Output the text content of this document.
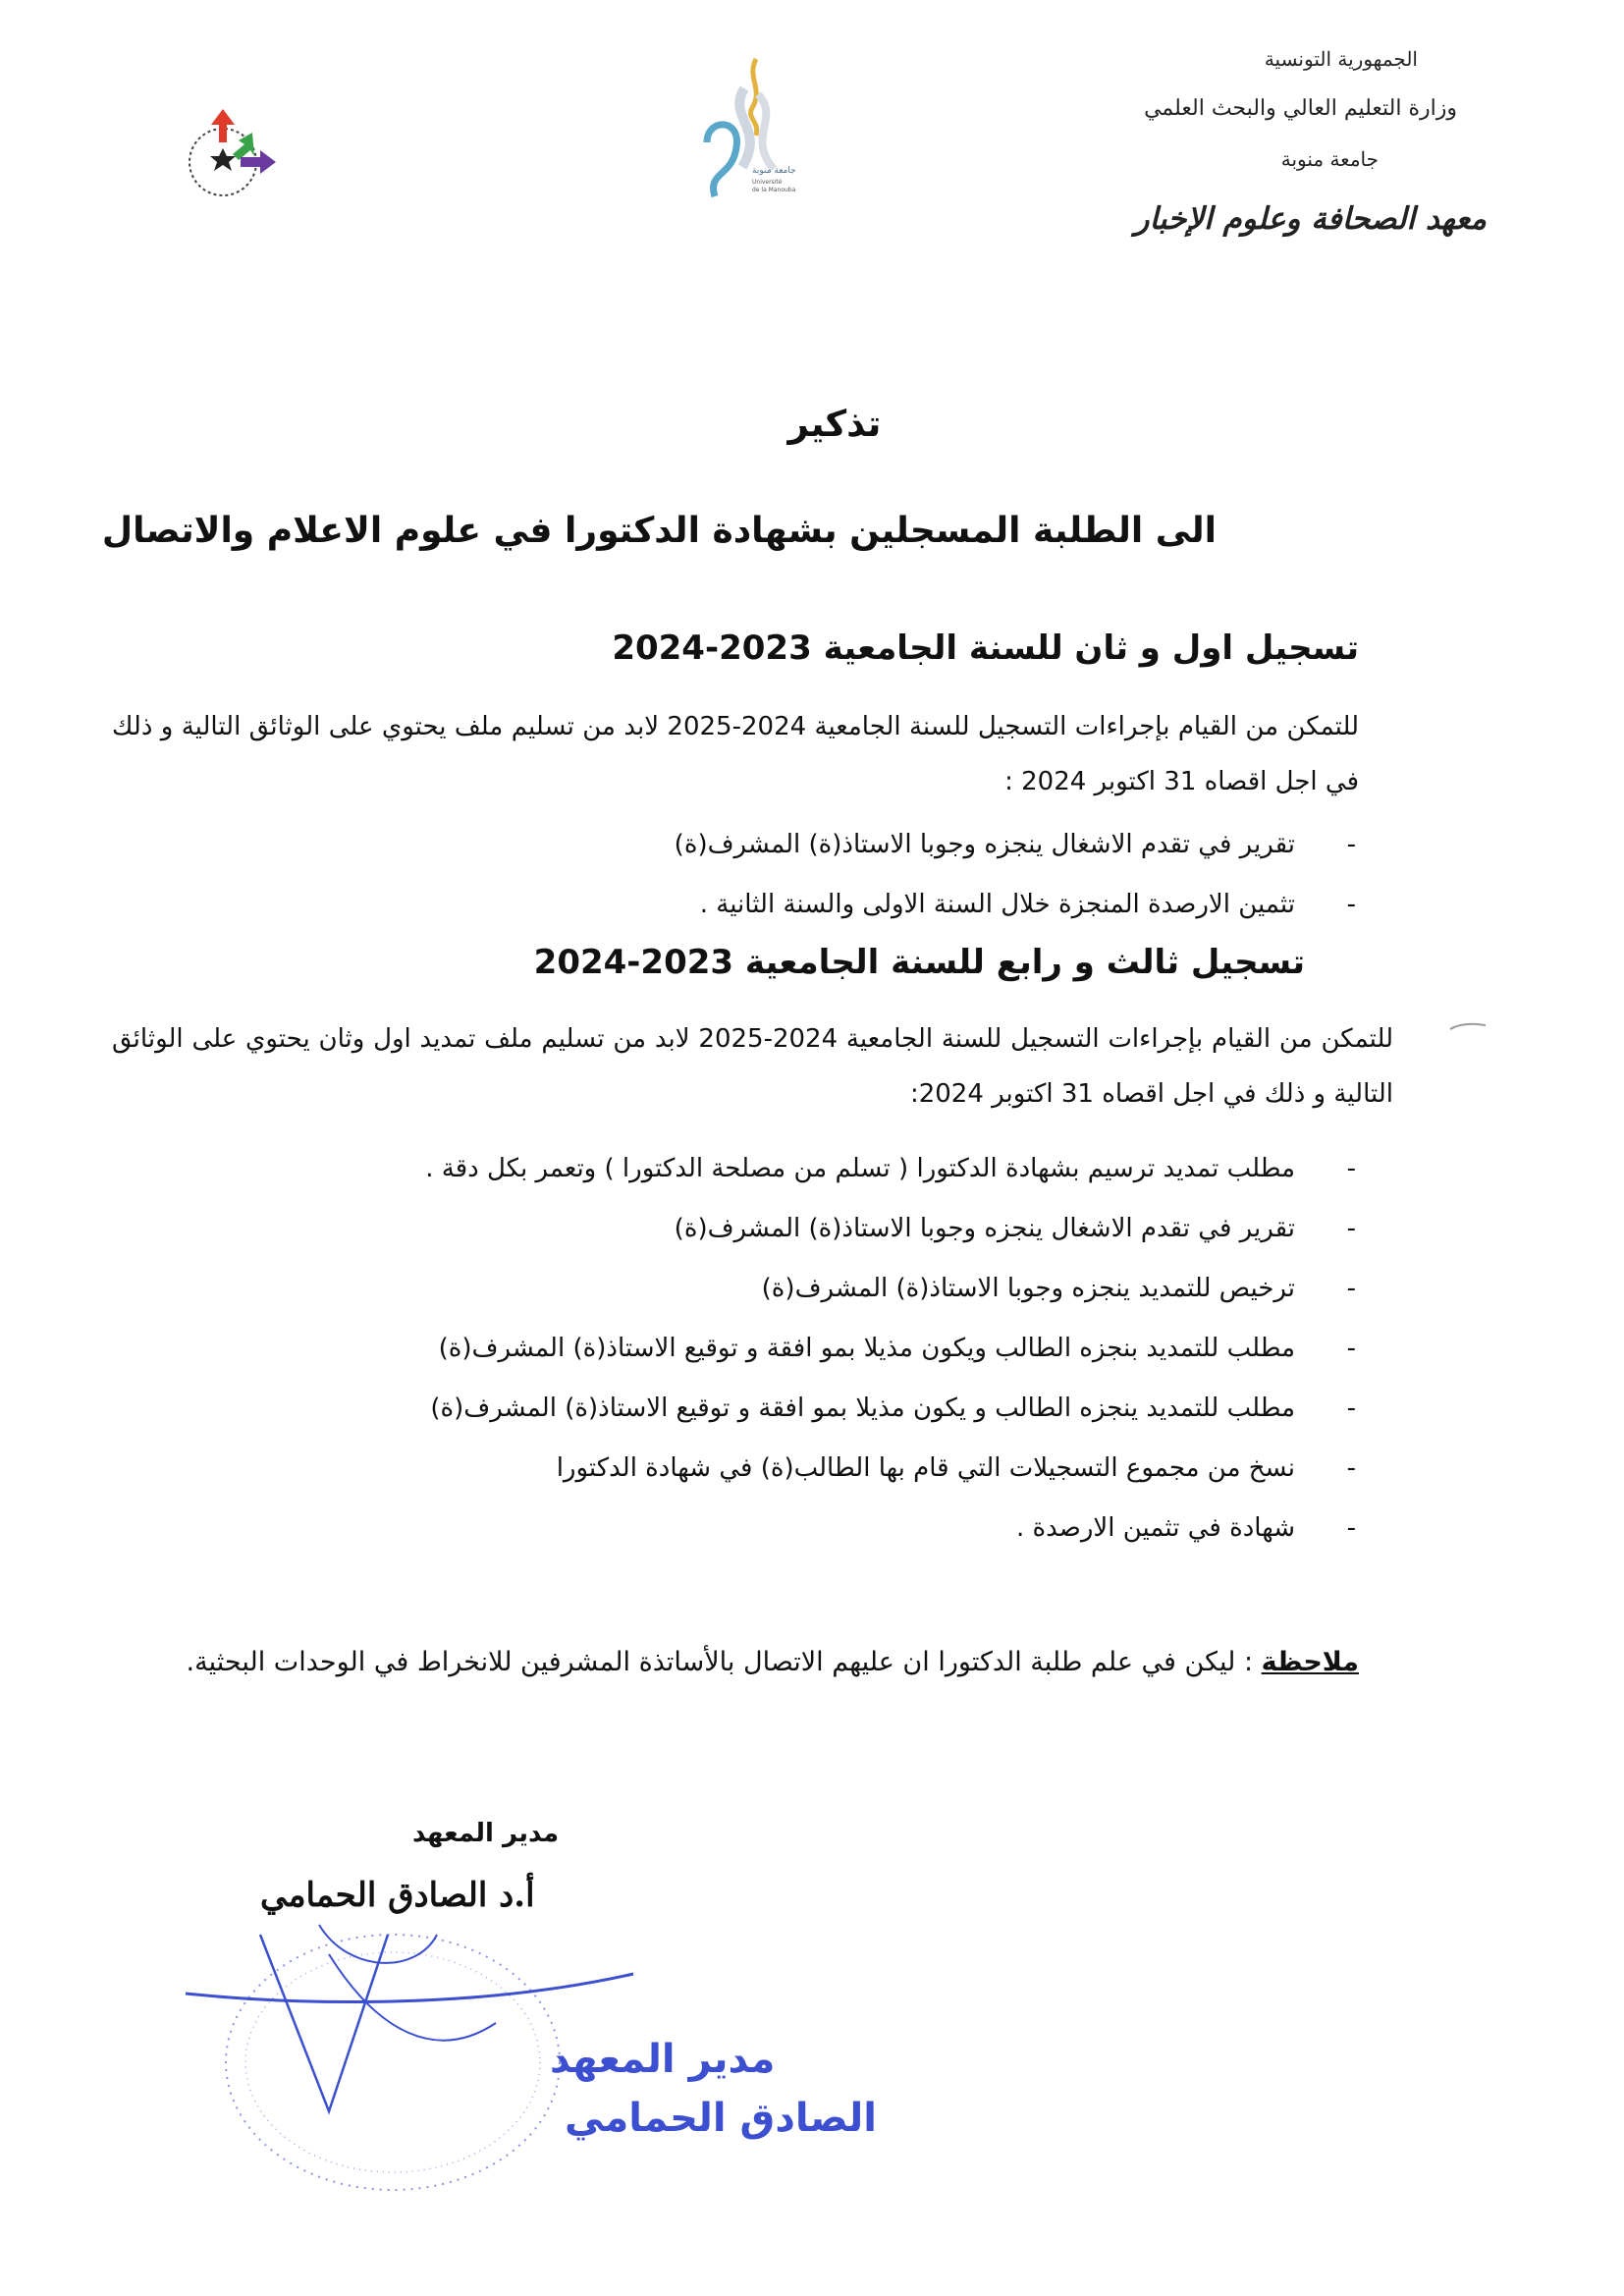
الجمهورية التونسية
وزارة التعليم العالي والبحث العلمي
جامعة منوبة
معهد الصحافة وعلوم الإخبار
جامعة منوبة
Université
de la Manouba
تذكير
الى الطلبة المسجلين بشهادة الدكتورا في علوم الاعلام والاتصال
تسجيل اول و ثان للسنة الجامعية 2023-2024
للتمكن من القيام بإجراءات التسجيل للسنة الجامعية 2024-2025 لابد من تسليم ملف يحتوي على الوثائق التالية و ذلك في اجل اقصاه 31 اكتوبر 2024 :
-
تقرير في تقدم الاشغال ينجزه وجوبا الاستاذ(ة) المشرف(ة)
-
تثمين الارصدة المنجزة خلال السنة الاولى والسنة الثانية .
تسجيل ثالث و رابع للسنة الجامعية 2023-2024
للتمكن من القيام بإجراءات التسجيل للسنة الجامعية 2024-2025 لابد من تسليم ملف تمديد اول وثان يحتوي على الوثائق التالية و ذلك في اجل اقصاه 31 اكتوبر 2024:
-
مطلب تمديد ترسيم بشهادة الدكتورا ( تسلم من مصلحة الدكتورا ) وتعمر بكل دقة .
-
تقرير في تقدم الاشغال ينجزه وجوبا الاستاذ(ة) المشرف(ة)
-
ترخيص للتمديد ينجزه وجوبا الاستاذ(ة) المشرف(ة)
-
مطلب للتمديد بنجزه الطالب ويكون مذيلا بمو افقة و توقيع الاستاذ(ة) المشرف(ة)
-
مطلب للتمديد ينجزه الطالب و يكون مذيلا بمو افقة و توقيع الاستاذ(ة) المشرف(ة)
-
نسخ من مجموع التسجيلات التي قام بها الطالب(ة) في شهادة الدكتورا
-
شهادة في تثمين الارصدة .
ملاحظة : ليكن في علم طلبة الدكتورا ان عليهم الاتصال بالأساتذة المشرفين للانخراط في الوحدات البحثية.
مدير المعهد
أ.د الصادق الحمامي
مدير المعهد
الصادق الحمامي
